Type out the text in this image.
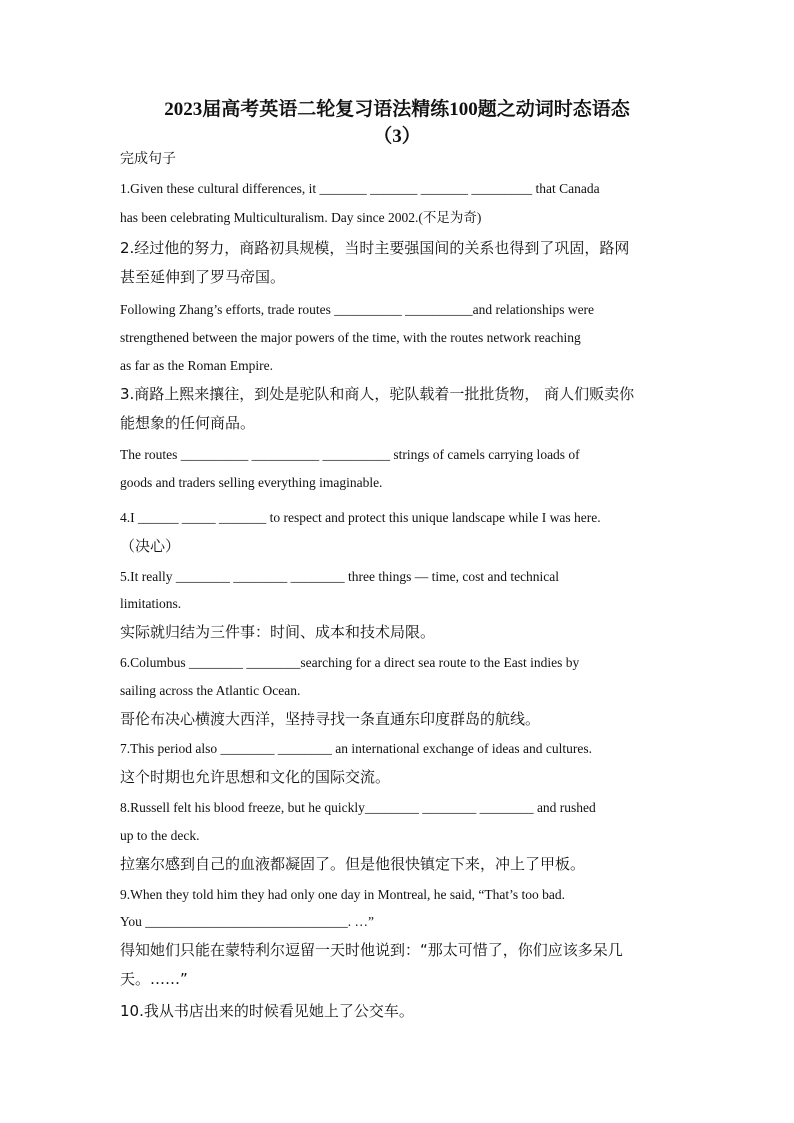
2023届高考英语二轮复习语法精练100题之动词时态语态
（3）
完成句子
1.Given these cultural differences, it _______ _______ _______ _________ that Canada
has been celebrating Multiculturalism. Day since 2002.(不足为奇)
2.经过他的努力，商路初具规模，当时主要强国间的关系也得到了巩固，路网
甚至延伸到了罗马帝国。
Following Zhang’s efforts, trade routes __________ __________and relationships were
strengthened between the major powers of the time, with the routes network reaching
as far as the Roman Empire.
3.商路上熙来攘往，到处是驼队和商人，驼队载着一批批货物， 商人们贩卖你
能想象的任何商品。
The routes __________ __________ __________ strings of camels carrying loads of
goods and traders selling everything imaginable.
4.I ______ _____ _______ to respect and protect this unique landscape while I was here.
（决心）
5.It really ________ ________ ________ three things — time, cost and technical
limitations.
实际就归结为三件事：时间、成本和技术局限。
6.Columbus ________ ________searching for a direct sea route to the East indies by
sailing across the Atlantic Ocean.
哥伦布决心横渡大西洋，坚持寻找一条直通东印度群岛的航线。
7.This period also ________ ________ an international exchange of ideas and cultures.
这个时期也允许思想和文化的国际交流。
8.Russell felt his blood freeze, but he quickly________ ________ ________ and rushed
up to the deck.
拉塞尔感到自己的血液都凝固了。但是他很快镇定下来，冲上了甲板。
9.When they told him they had only one day in Montreal, he said, “That’s too bad.
You ______________________________. …”
得知她们只能在蒙特利尔逗留一天时他说到：“那太可惜了，你们应该多呆几
天。……”
10.我从书店出来的时候看见她上了公交车。
